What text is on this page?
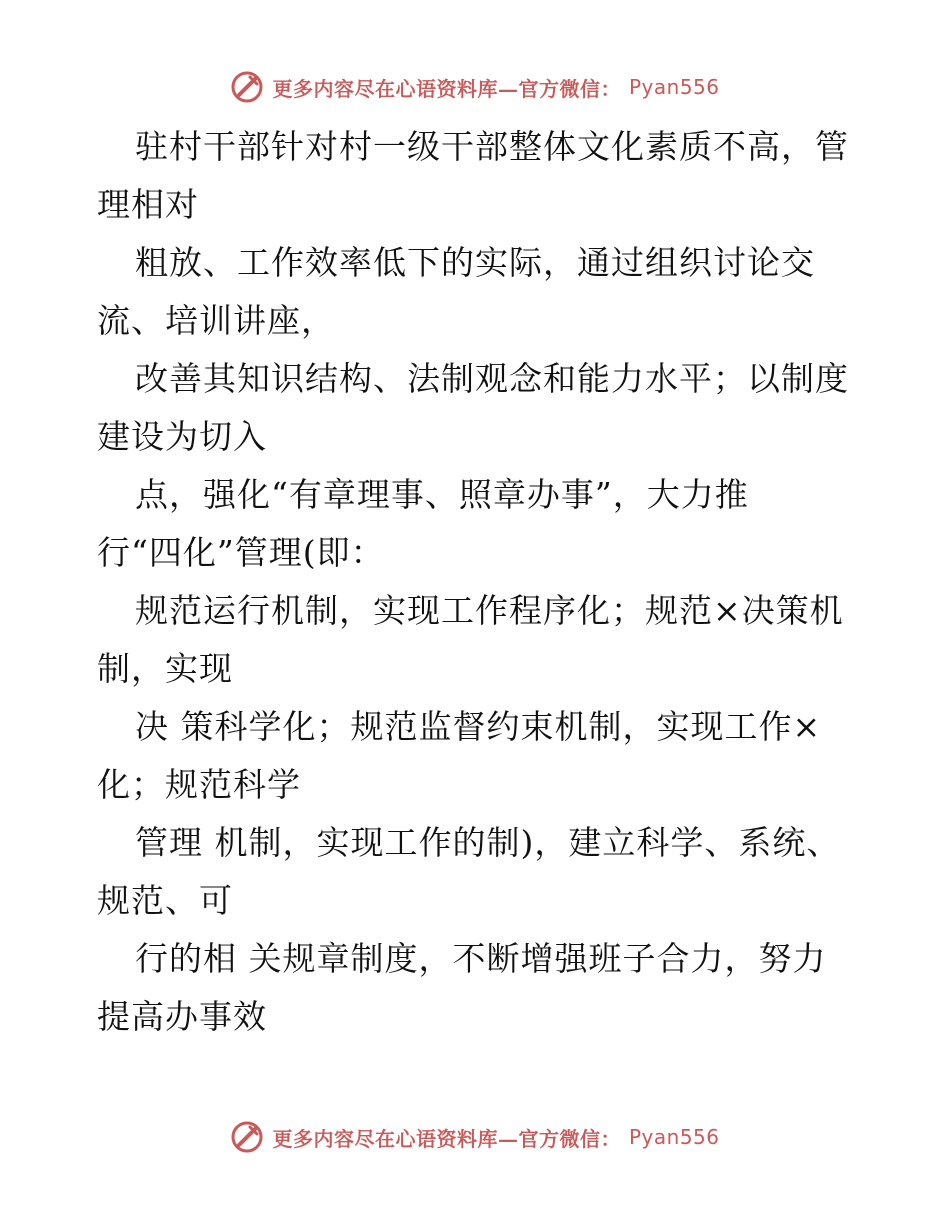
更多内容尽在心语资料库—官方微信： Pyan556
驻村干部针对村一级干部整体文化素质不高，管
理相对
粗放、工作效率低下的实际，通过组织讨论交
流、培训讲座，
改善其知识结构、法制观念和能力水平；以制度
建设为切入
点，强化“有章理事、照章办事”，大力推
行“四化”管理(即：
规范运行机制，实现工作程序化；规范×决策机
制，实现
决 策科学化；规范监督约束机制，实现工作×
化；规范科学
管理 机制，实现工作的制)，建立科学、系统、
规范、可
行的相 关规章制度，不断增强班子合力，努力
提高办事效
更多内容尽在心语资料库—官方微信： Pyan556
